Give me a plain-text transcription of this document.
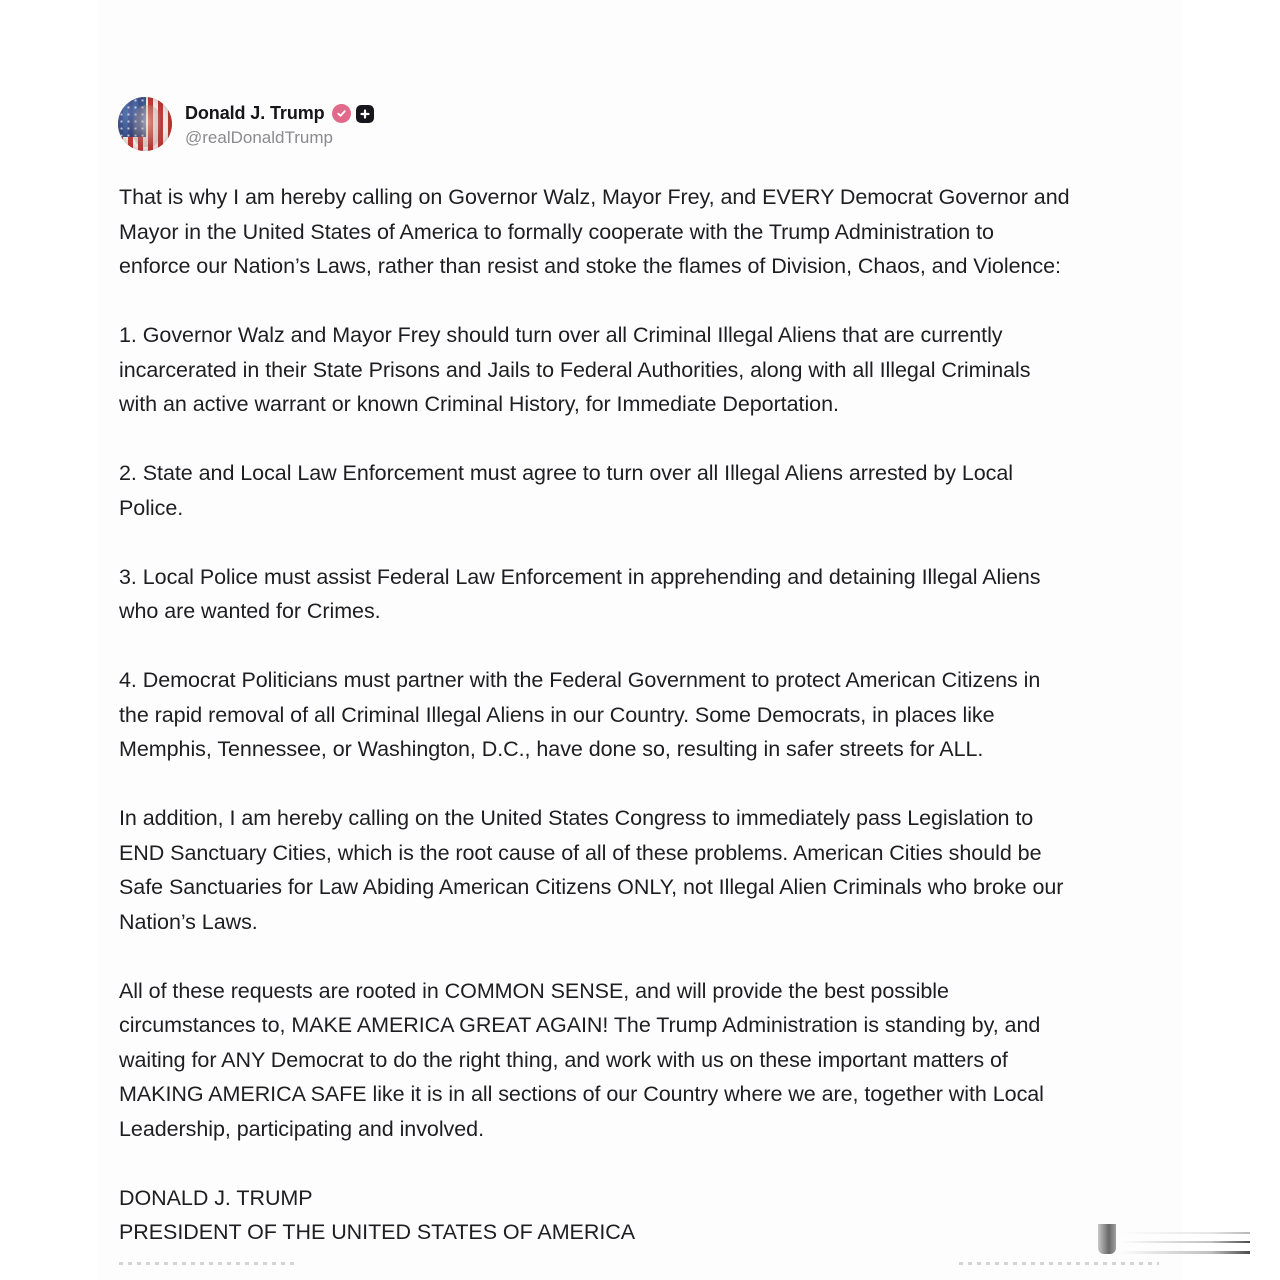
Donald J. Trump
@realDonaldTrump

That is why I am hereby calling on Governor Walz, Mayor Frey, and EVERY Democrat Governor and
Mayor in the United States of America to formally cooperate with the Trump Administration to
enforce our Nation’s Laws, rather than resist and stoke the flames of Division, Chaos, and Violence:

1. Governor Walz and Mayor Frey should turn over all Criminal Illegal Aliens that are currently
incarcerated in their State Prisons and Jails to Federal Authorities, along with all Illegal Criminals
with an active warrant or known Criminal History, for Immediate Deportation.

2. State and Local Law Enforcement must agree to turn over all Illegal Aliens arrested by Local
Police.

3. Local Police must assist Federal Law Enforcement in apprehending and detaining Illegal Aliens
who are wanted for Crimes.

4. Democrat Politicians must partner with the Federal Government to protect American Citizens in
the rapid removal of all Criminal Illegal Aliens in our Country. Some Democrats, in places like
Memphis, Tennessee, or Washington, D.C., have done so, resulting in safer streets for ALL.

In addition, I am hereby calling on the United States Congress to immediately pass Legislation to
END Sanctuary Cities, which is the root cause of all of these problems. American Cities should be
Safe Sanctuaries for Law Abiding American Citizens ONLY, not Illegal Alien Criminals who broke our
Nation’s Laws.

All of these requests are rooted in COMMON SENSE, and will provide the best possible
circumstances to, MAKE AMERICA GREAT AGAIN! The Trump Administration is standing by, and
waiting for ANY Democrat to do the right thing, and work with us on these important matters of
MAKING AMERICA SAFE like it is in all sections of our Country where we are, together with Local
Leadership, participating and involved.

DONALD J. TRUMP
PRESIDENT OF THE UNITED STATES OF AMERICA
